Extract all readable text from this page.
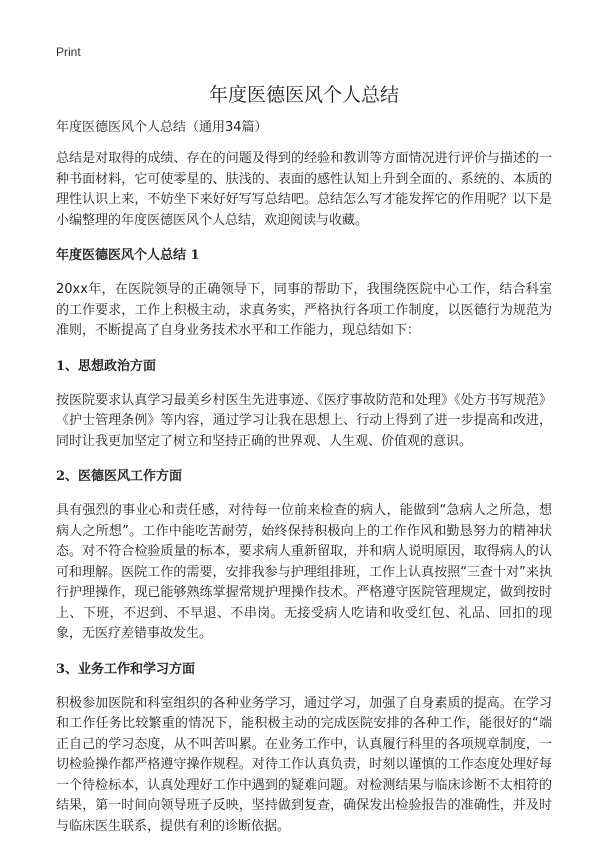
Print
年度医德医风个人总结
年度医德医风个人总结（通用34篇）

总结是对取得的成绩、存在的问题及得到的经验和教训等方面情况进行评价与描述的一种书面材料，它可使零星的、肤浅的、表面的感性认知上升到全面的、系统的、本质的理性认识上来，不妨坐下来好好写写总结吧。总结怎么写才能发挥它的作用呢？以下是小编整理的年度医德医风个人总结，欢迎阅读与收藏。

年度医德医风个人总结 1

20xx年，在医院领导的正确领导下，同事的帮助下，我围绕医院中心工作，结合科室的工作要求，工作上积极主动，求真务实，严格执行各项工作制度，以医德行为规范为准则，不断提高了自身业务技术水平和工作能力，现总结如下：

1、思想政治方面

按医院要求认真学习最美乡村医生先进事迹、《医疗事故防范和处理》《处方书写规范》《护士管理条例》等内容，通过学习让我在思想上、行动上得到了进一步提高和改进，同时让我更加坚定了树立和坚持正确的世界观、人生观、价值观的意识。

2、医德医风工作方面

具有强烈的事业心和责任感，对待每一位前来检查的病人，能做到“急病人之所急，想病人之所想”。工作中能吃苦耐劳，始终保持积极向上的工作作风和勤恳努力的精神状态。对不符合检验质量的标本，要求病人重新留取，并和病人说明原因，取得病人的认可和理解。医院工作的需要，安排我参与护理组排班，工作上认真按照“三查十对”来执行护理操作，现已能够熟练掌握常规护理操作技术。严格遵守医院管理规定，做到按时上、下班，不迟到、不早退、不串岗。无接受病人吃请和收受红包、礼品、回扣的现象，无医疗差错事故发生。

3、业务工作和学习方面

积极参加医院和科室组织的各种业务学习，通过学习，加强了自身素质的提高。在学习和工作任务比较繁重的情况下，能积极主动的完成医院安排的各种工作，能很好的“端正自己的学习态度，从不叫苦叫累。在业务工作中，认真履行科里的各项规章制度，一切检验操作都严格遵守操作规程。对待工作认真负责，时刻以谨慎的工作态度处理好每一个待检标本，认真处理好工作中遇到的疑难问题。对检测结果与临床诊断不太相符的结果，第一时间向领导班子反映，坚持做到复查，确保发出检验报告的准确性，并及时与临床医生联系，提供有利的诊断依据。
